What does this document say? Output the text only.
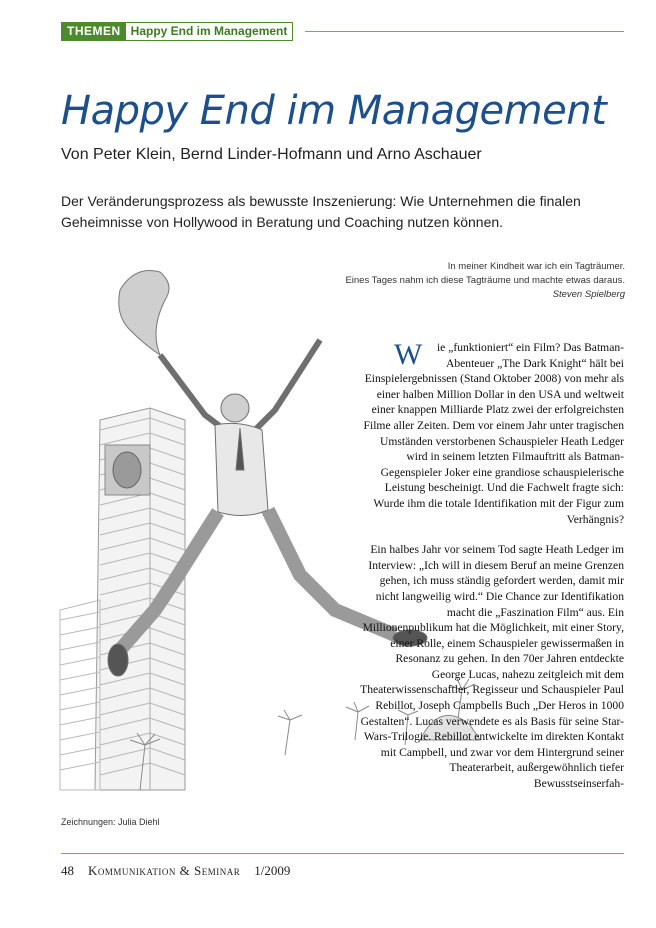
THEMEN Happy End im Management
Happy End im Management
Von Peter Klein, Bernd Linder-Hofmann und Arno Aschauer
Der Veränderungsprozess als bewusste Inszenierung: Wie Unternehmen die finalen Geheimnisse von Hollywood in Beratung und Coaching nutzen können.
In meiner Kindheit war ich ein Tagträumer.
Eines Tages nahm ich diese Tagträume und machte etwas daraus.
Steven Spielberg

W ie „funktioniert“ ein Film? Das Batman-Abenteuer „The Dark Knight“ hält bei Einspielergebnissen (Stand Oktober 2008) von mehr als einer halben Million Dollar in den USA und weltweit einer knappen Milliarde Platz zwei der erfolgreichsten Filme aller Zeiten. Dem vor einem Jahr unter tragischen Umständen verstorbenen Schauspieler Heath Ledger wird in seinem letzten Filmauftritt als Batman-Gegenspieler Joker eine grandiose schauspielerische Leistung bescheinigt. Und die Fachwelt fragte sich: Wurde ihm die totale Identifikation mit der Figur zum Verhängnis?

Ein halbes Jahr vor seinem Tod sagte Heath Ledger im Interview: „Ich will in diesem Beruf an meine Grenzen gehen, ich muss ständig gefordert werden, damit mir nicht langweilig wird.“ Die Chance zur Identifikation macht die „Faszination Film“ aus. Ein Millionenpublikum hat die Möglichkeit, mit einer Story, einer Rolle, einem Schauspieler gewissermaßen in Resonanz zu gehen. In den 70er Jahren entdeckte George Lucas, nahezu zeitgleich mit dem Theaterwissenschaftler, Regisseur und Schauspieler Paul Rebillot, Joseph Campbells Buch „Der Heros in 1000 Gestalten“. Lucas verwendete es als Basis für seine Star-Wars-Trilogie. Rebillot entwickelte im direkten Kontakt mit Campbell, und zwar vor dem Hintergrund seiner Theaterarbeit, außergewöhnlich tiefer Bewusstseinserfah-

Zeichnungen: Julia Diehl
48 Kommunikation & Seminar 1/2009
